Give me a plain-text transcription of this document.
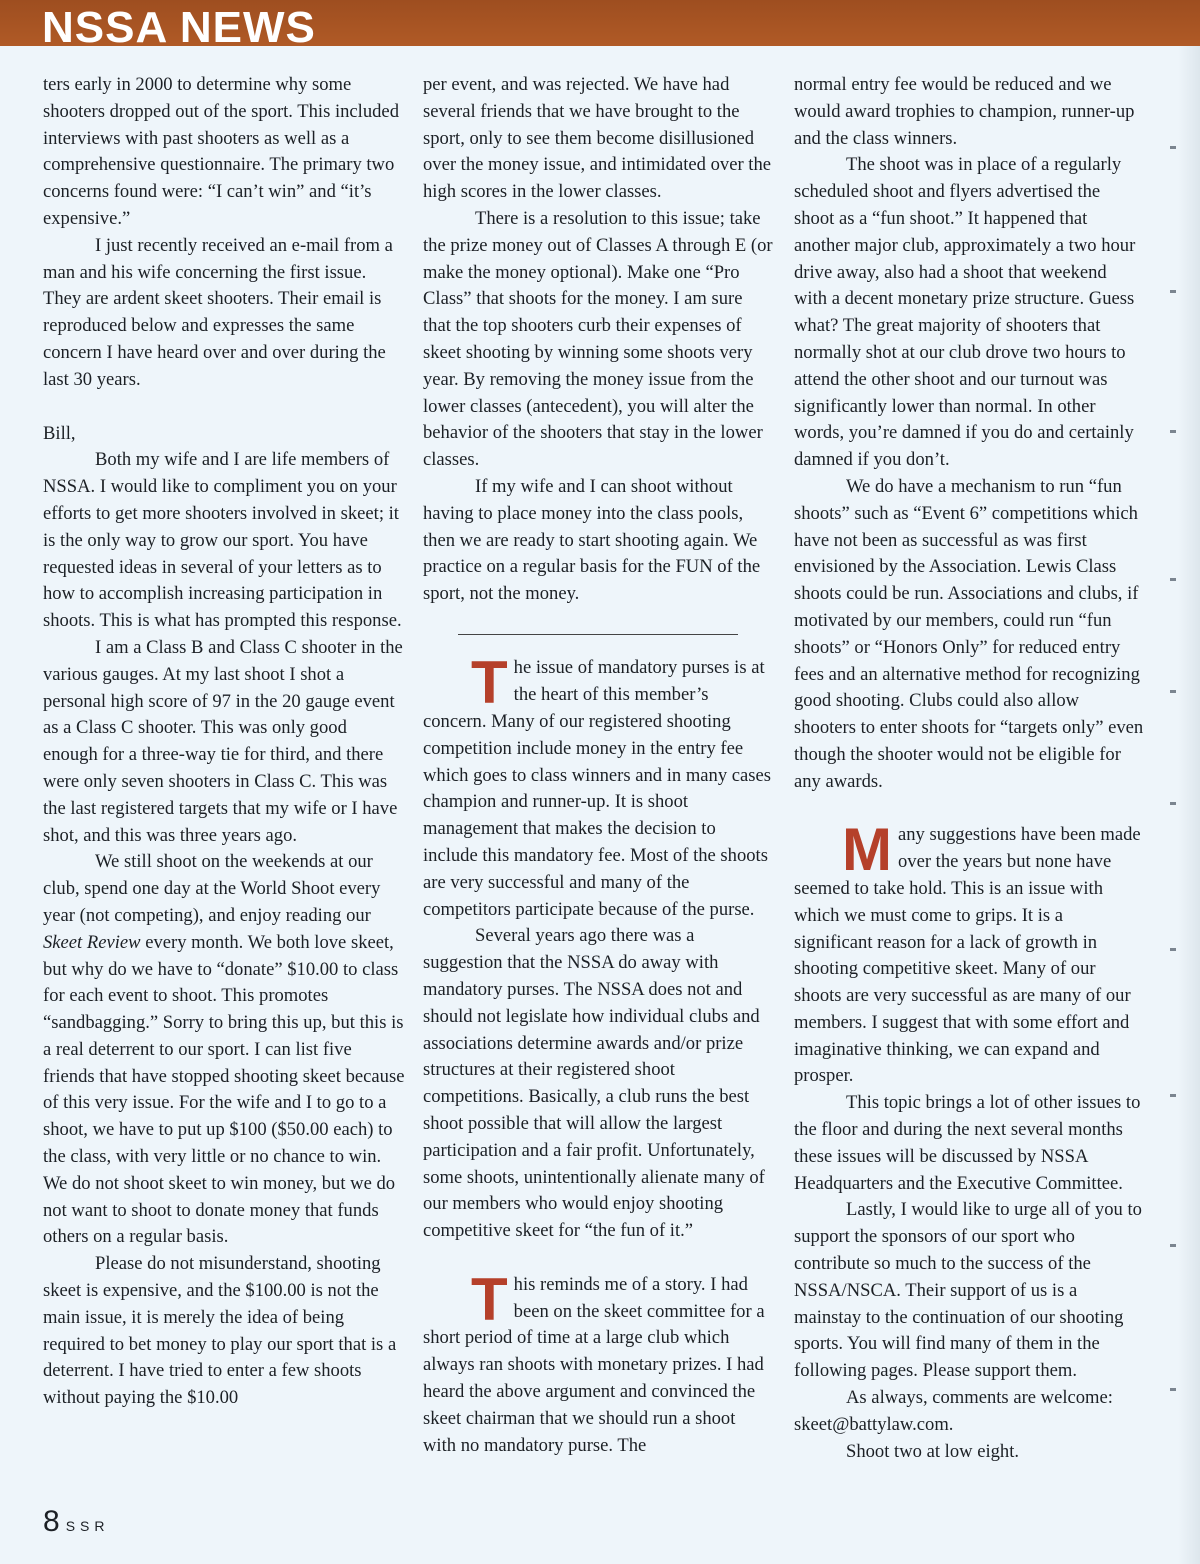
NSSA NEWS

ters early in 2000 to determine why some shooters dropped out of the sport. This included interviews with past shooters as well as a comprehensive questionnaire. The primary two concerns found were: “I can’t win” and “it’s expensive.”

I just recently received an e-mail from a man and his wife concerning the first issue. They are ardent skeet shooters. Their email is reproduced below and expresses the same concern I have heard over and over during the last 30 years.

Bill,

Both my wife and I are life members of NSSA. I would like to compliment you on your efforts to get more shooters involved in skeet; it is the only way to grow our sport. You have requested ideas in several of your letters as to how to accomplish increasing participation in shoots. This is what has prompted this response.

I am a Class B and Class C shooter in the various gauges. At my last shoot I shot a personal high score of 97 in the 20 gauge event as a Class C shooter. This was only good enough for a three-way tie for third, and there were only seven shooters in Class C. This was the last registered targets that my wife or I have shot, and this was three years ago.

We still shoot on the weekends at our club, spend one day at the World Shoot every year (not competing), and enjoy reading our Skeet Review every month. We both love skeet, but why do we have to “donate” $10.00 to class for each event to shoot. This promotes “sandbagging.” Sorry to bring this up, but this is a real deterrent to our sport. I can list five friends that have stopped shooting skeet because of this very issue. For the wife and I to go to a shoot, we have to put up $100 ($50.00 each) to the class, with very little or no chance to win. We do not shoot skeet to win money, but we do not want to shoot to donate money that funds others on a regular basis.

Please do not misunderstand, shooting skeet is expensive, and the $100.00 is not the main issue, it is merely the idea of being required to bet money to play our sport that is a deterrent. I have tried to enter a few shoots without paying the $10.00

per event, and was rejected. We have had several friends that we have brought to the sport, only to see them become disillusioned over the money issue, and intimidated over the high scores in the lower classes.

There is a resolution to this issue; take the prize money out of Classes A through E (or make the money optional). Make one “Pro Class” that shoots for the money. I am sure that the top shooters curb their expenses of skeet shooting by winning some shoots very year. By removing the money issue from the lower classes (antecedent), you will alter the behavior of the shooters that stay in the lower classes.

If my wife and I can shoot without having to place money into the class pools, then we are ready to start shooting again. We practice on a regular basis for the FUN of the sport, not the money.

The issue of mandatory purses is at the heart of this member’s concern. Many of our registered shooting competition include money in the entry fee which goes to class winners and in many cases champion and runner-up. It is shoot management that makes the decision to include this mandatory fee. Most of the shoots are very successful and many of the competitors participate because of the purse.

Several years ago there was a suggestion that the NSSA do away with mandatory purses. The NSSA does not and should not legislate how individual clubs and associations determine awards and/or prize structures at their registered shoot competitions. Basically, a club runs the best shoot possible that will allow the largest participation and a fair profit. Unfortunately, some shoots, unintentionally alienate many of our members who would enjoy shooting competitive skeet for “the fun of it.”

This reminds me of a story. I had been on the skeet committee for a short period of time at a large club which always ran shoots with monetary prizes. I had heard the above argument and convinced the skeet chairman that we should run a shoot with no mandatory purse. The

normal entry fee would be reduced and we would award trophies to champion, runner-up and the class winners.

The shoot was in place of a regularly scheduled shoot and flyers advertised the shoot as a “fun shoot.” It happened that another major club, approximately a two hour drive away, also had a shoot that weekend with a decent monetary prize structure. Guess what? The great majority of shooters that normally shot at our club drove two hours to attend the other shoot and our turnout was significantly lower than normal. In other words, you’re damned if you do and certainly damned if you don’t.

We do have a mechanism to run “fun shoots” such as “Event 6” competitions which have not been as successful as was first envisioned by the Association. Lewis Class shoots could be run. Associations and clubs, if motivated by our members, could run “fun shoots” or “Honors Only” for reduced entry fees and an alternative method for recognizing good shooting. Clubs could also allow shooters to enter shoots for “targets only” even though the shooter would not be eligible for any awards.

Many suggestions have been made over the years but none have seemed to take hold. This is an issue with which we must come to grips. It is a significant reason for a lack of growth in shooting competitive skeet. Many of our shoots are very successful as are many of our members. I suggest that with some effort and imaginative thinking, we can expand and prosper.

This topic brings a lot of other issues to the floor and during the next several months these issues will be discussed by NSSA Headquarters and the Executive Committee.

Lastly, I would like to urge all of you to support the sponsors of our sport who contribute so much to the success of the NSSA/NSCA. Their support of us is a mainstay to the continuation of our shooting sports. You will find many of them in the following pages. Please support them.

As always, comments are welcome: skeet@battylaw.com.

Shoot two at low eight.

8 SSR
